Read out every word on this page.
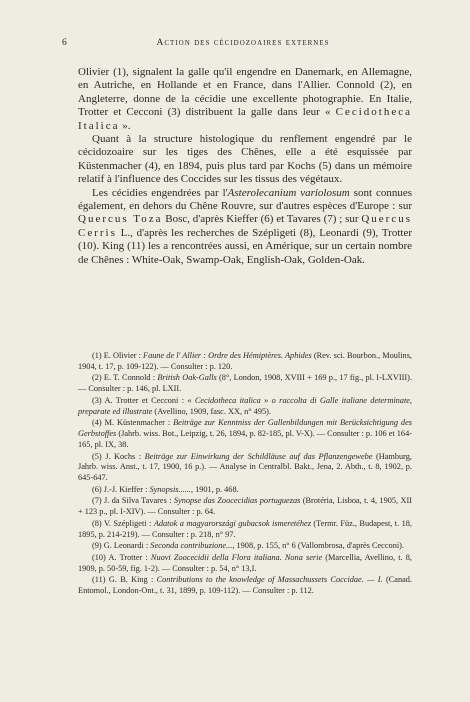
6	Action des cécidozoaires externes

Olivier (1), signalent la galle qu'il engendre en Danemark, en Allemagne, en Autriche, en Hollande et en France, dans l'Allier. Connold (2), en Angleterre, donne de la cécidie une excellente photographie. En Italie, Trotter et Cecconi (3) distribuent la galle dans leur « Cecidotheca Italica ».

Quant à la structure histologique du renflement engendré par le cécidozoaire sur les tiges des Chênes, elle a été esquissée par Küstenmacher (4), en 1894, puis plus tard par Kochs (5) dans un mémoire relatif à l'influence des Coccides sur les tissus des végétaux.

Les cécidies engendrées par l'Asterolecanium variolosum sont connues également, en dehors du Chêne Rouvre, sur d'autres espèces d'Europe : sur Quercus Toza Bosc, d'après Kieffer (6) et Tavares (7) ; sur Quercus Cerris L., d'après les recherches de Szépligeti (8), Leonardi (9), Trotter (10). King (11) les a rencontrées aussi, en Amérique, sur un certain nombre de Chênes : White-Oak, Swamp-Oak, English-Oak, Golden-Oak.

(1) E. Olivier : Faune de l' Allier : Ordre des Hémiptères. Aphides (Rev. sci. Bourbon., Moulins, 1904, t. 17, p. 109-122). — Consulter : p. 120.

(2) E. T. Connold : British Oak-Galls (8°, London, 1908, XVIII + 169 p., 17 fig., pl. I-LXVIII). — Consulter : p. 146, pl. LXII.

(3) A. Trotter et Cecconi : « Cecidotheca italica » o raccolta di Galle italiane determinate, preparate ed illustrate (Avellino, 1909, fasc. XX, n° 495).

(4) M. Küstenmacher : Beiträge zur Kenntniss der Gallenbildungen mit Berücksichtigung des Gerbstoffes (Jahrb. wiss. Bot., Leipzig, t. 26, 1894, p. 82-185, pl. V-X). — Consulter : p. 106 et 164-165, pl. IX, 38.

(5) J. Kochs : Beiträge zur Einwirkung der Schildläuse auf das Pflanzengewebe (Hamburg, Jahrb. wiss. Anst., t. 17, 1900, 16 p.). — Analyse in Centralbl. Bakt., Jena, 2. Abth., t. 8, 1902, p. 645-647.

(6) J.-J. Kieffer : Synopsis......, 1901, p. 468.

(7) J. da Silva Tavares : Synopse das Zoocecidias portuguezas (Brotéria, Lisboa, t. 4, 1905, XII + 123 p., pl. I-XIV). — Consulter : p. 64.

(8) V. Szépligeti : Adatok a magyarországi gubacsok ismeretéhez (Termr. Füz., Budapest, t. 18, 1895, p. 214-219). — Consulter : p. 218, n° 97.

(9) G. Leonardi : Seconda contribuzione..., 1908, p. 155, n° 6 (Vallombrosa, d'après Cecconi).

(10) A. Trotter : Nuovi Zoocecidii della Flora italiana. Nona serie (Marcellia, Avellino, t. 8, 1909, p. 50-59, fig. 1-2). — Consulter : p. 54, n° 13,I.

(11) G. B. King : Contributions to the knowledge of Massachussets Coccidae. — I. (Canad. Entomol., London-Ont., t. 31, 1899, p. 109-112). — Consulter : p. 112.
